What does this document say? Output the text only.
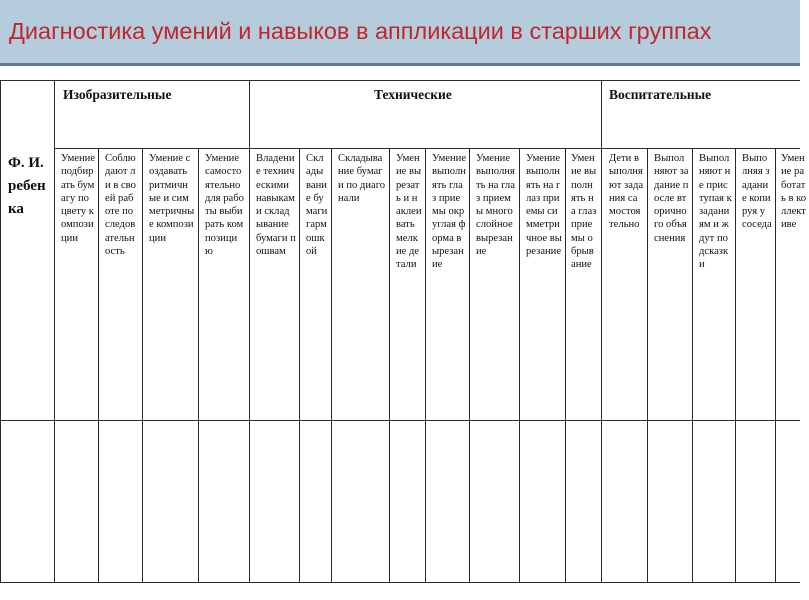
Диагностика умений и навыков в аппликации в старших группах
Изобразительные	Технические	Воспитательные
Ф. И. ребенка
Умение подбирать бумагу по цвету композиции
Соблюдают ли в своей работе последовательность
Умение создавать ритмичные и симметричные композиции
Умение самостоятельно для работы выбирать композицию
Владение техническими навыками складывание бумаги пошвам
Складывание бумаги гармошкой
Складывание бумаги по диагонали
Умение вырезать и наклеивать мелкие детали
Умение выполнять глаз приемы округлая форма вырезание
Умение выполнять на глаз приемы многослойное вырезание
Умение выполнять на глаз приемы симметричное вырезание
Умение выполнять на глаз приемы обрывание
Дети выполняют задания самостоятельно
Выполняют задание после вторичного объяснения
Выполняют не приступая к заданиям и ждут подсказки
Выполняя задание копируя у соседа
Умение работать в коллективе
